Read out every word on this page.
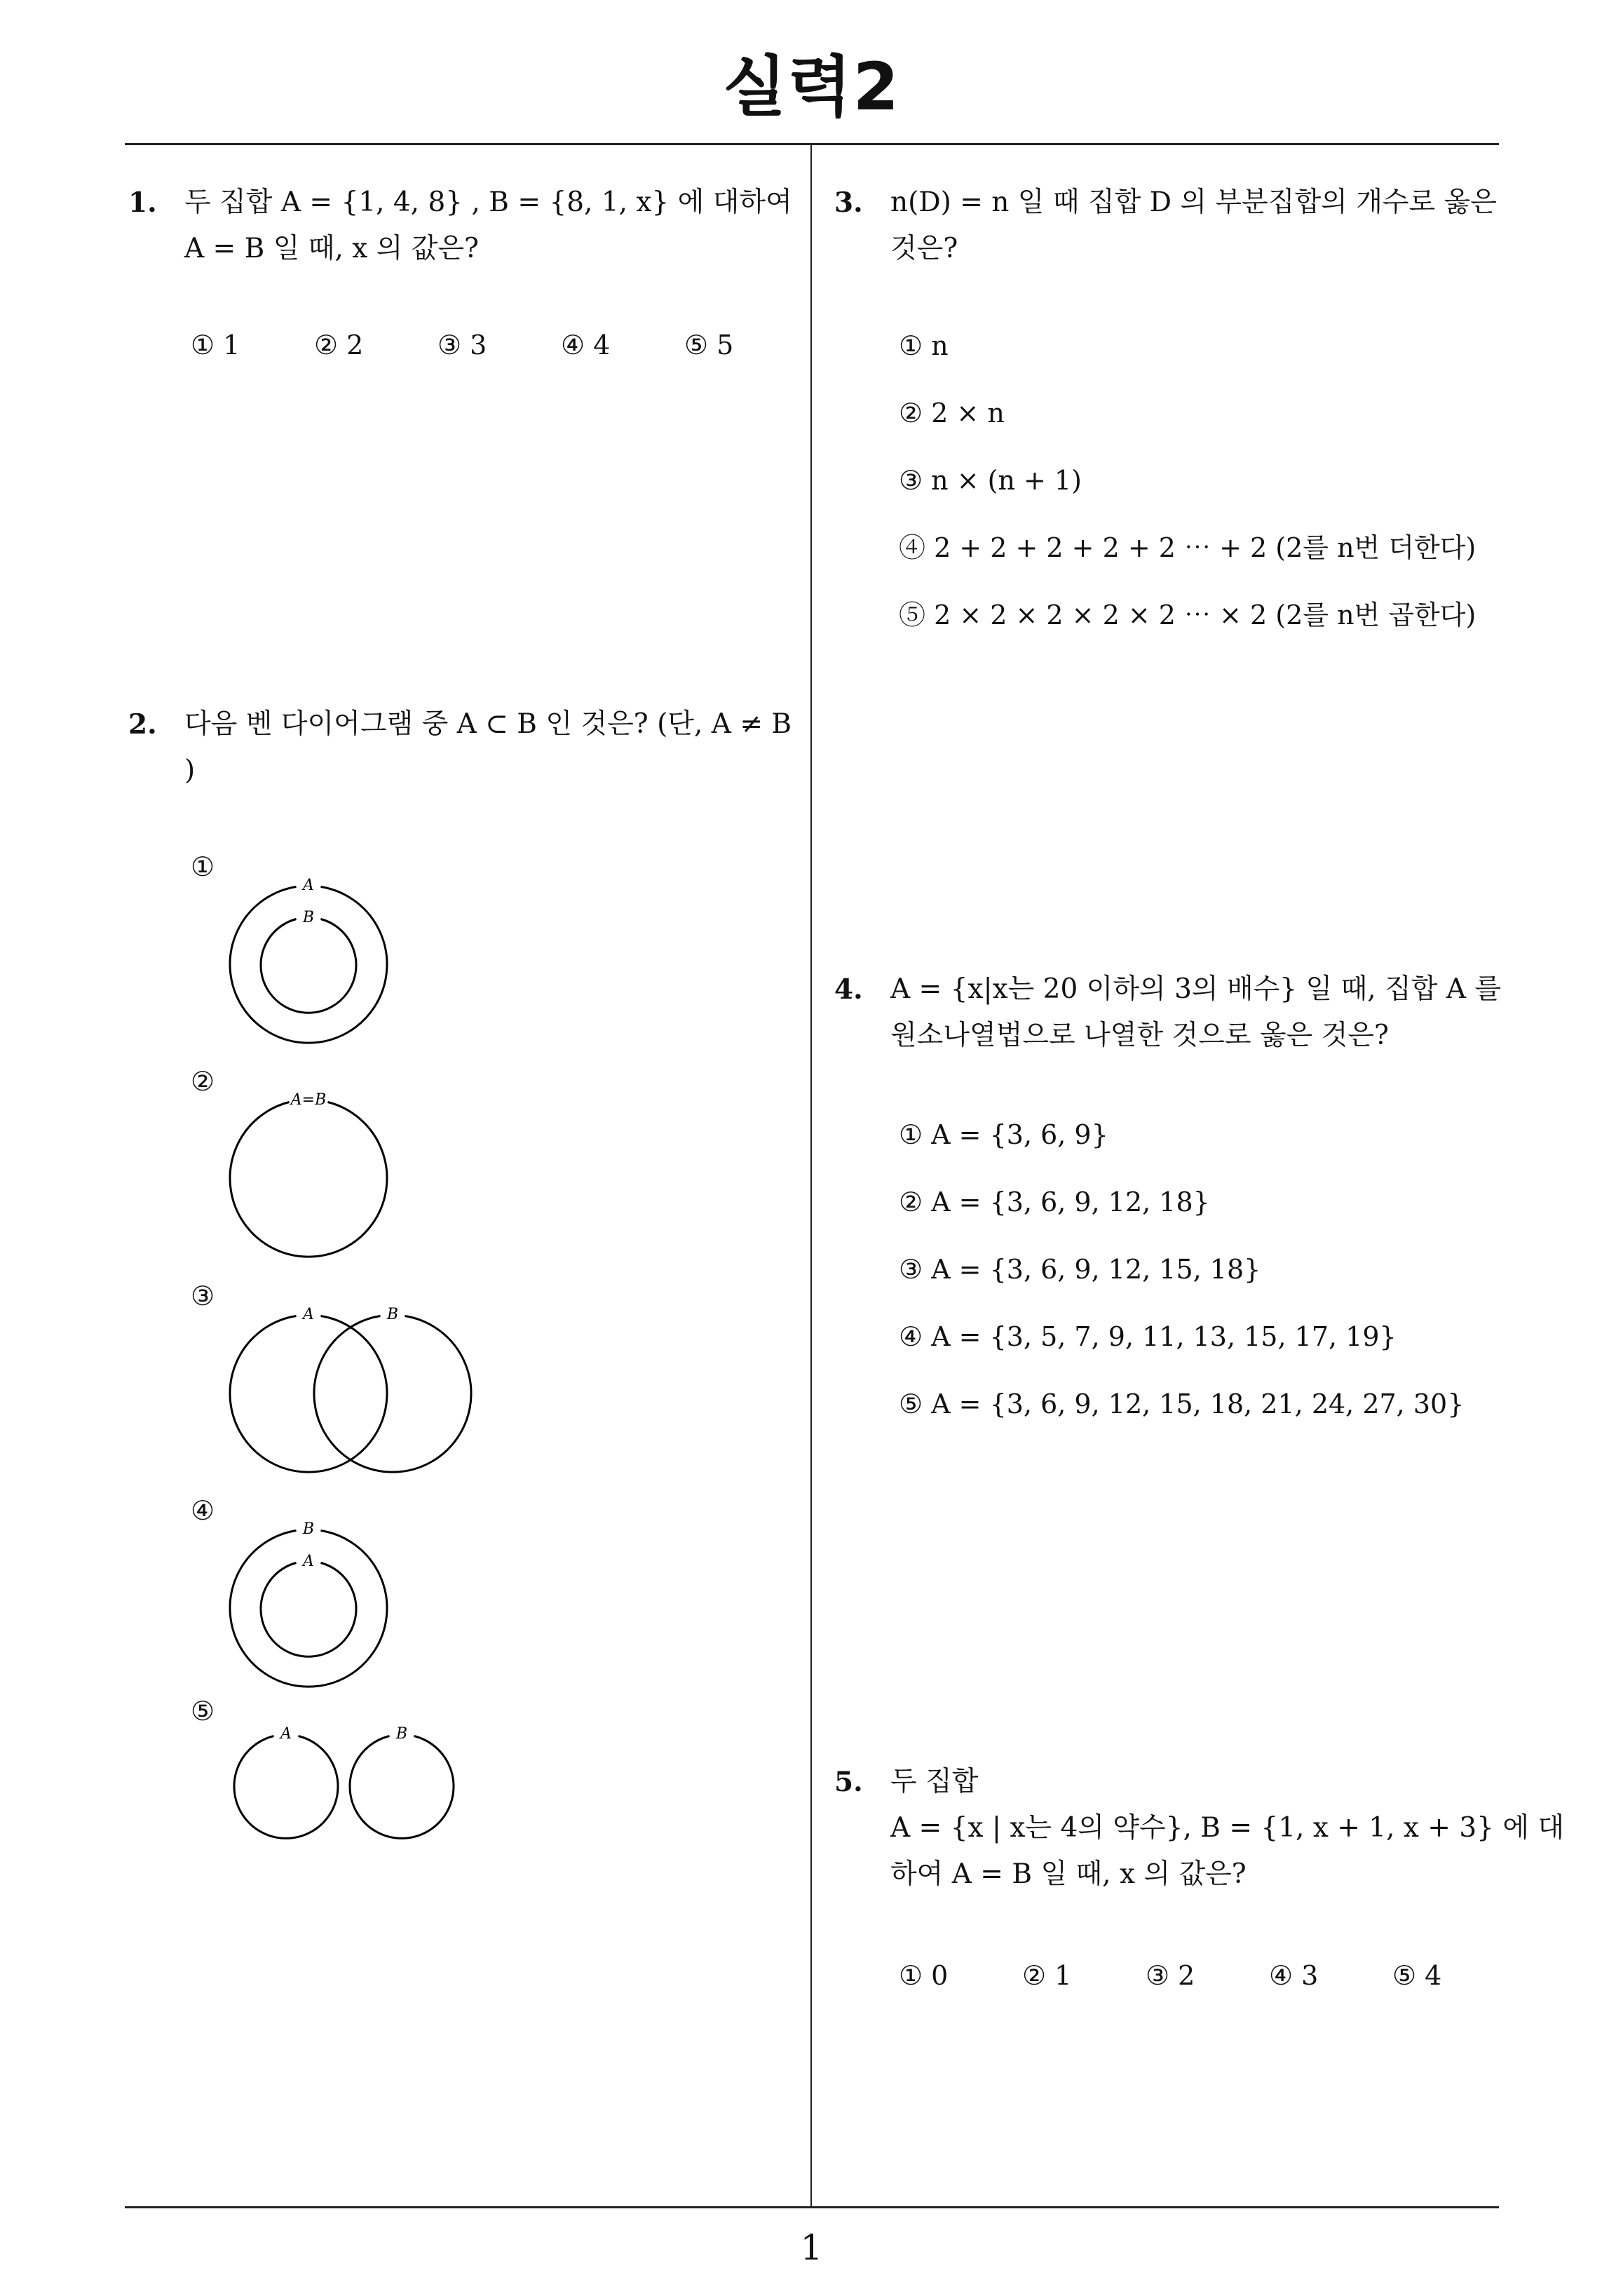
실력2
1
1. 두 집합 A = {1, 4, 8} , B = {8, 1, x} 에 대하여
A = B 일 때, x 의 값은?
① 1	② 2	③ 3	④ 4	⑤ 5
2. 다음 벤 다이어그램 중 A ⊂ B 인 것은? (단, A ≠ B
)
①
A
B
②
A=B
③
A	B
④
B
A
⑤
A	B
3. n(D) = n 일 때 집합 D 의 부분집합의 개수로 옳은
것은?
① n
② 2 × n
③ n × (n + 1)
④ 2 + 2 + 2 + 2 + 2 ⋯ + 2 (2를 n번 더한다)
⑤ 2 × 2 × 2 × 2 × 2 ⋯ × 2 (2를 n번 곱한다)
4. A = {x|x는 20 이하의 3의 배수} 일 때, 집합 A 를
원소나열법으로 나열한 것으로 옳은 것은?
① A = {3, 6, 9}
② A = {3, 6, 9, 12, 18}
③ A = {3, 6, 9, 12, 15, 18}
④ A = {3, 5, 7, 9, 11, 13, 15, 17, 19}
⑤ A = {3, 6, 9, 12, 15, 18, 21, 24, 27, 30}
5. 두 집합
A = {x | x는 4의 약수}, B = {1, x + 1, x + 3} 에 대
하여 A = B 일 때, x 의 값은?
① 0	② 1	③ 2	④ 3	⑤ 4
